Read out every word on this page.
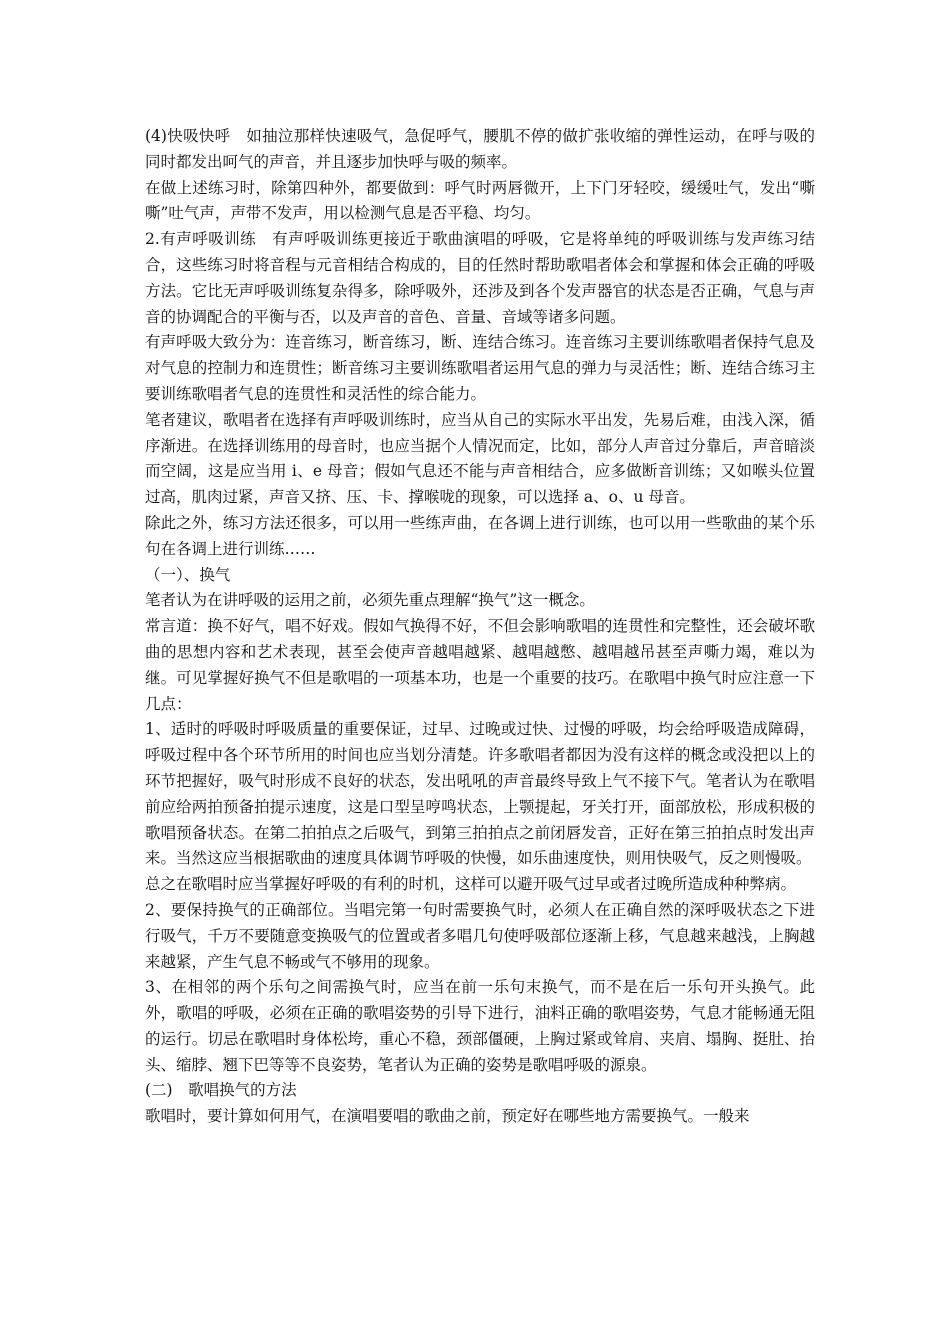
(4)快吸快呼　如抽泣那样快速吸气，急促呼气，腰肌不停的做扩张收缩的弹性运动，在呼与吸的同时都发出呵气的声音，并且逐步加快呼与吸的频率。

在做上述练习时，除第四种外，都要做到：呼气时两唇微开，上下门牙轻咬，缓缓吐气，发出“嘶嘶”吐气声，声带不发声，用以检测气息是否平稳、均匀。

2.有声呼吸训练　有声呼吸训练更接近于歌曲演唱的呼吸，它是将单纯的呼吸训练与发声练习结合，这些练习时将音程与元音相结合构成的，目的任然时帮助歌唱者体会和掌握和体会正确的呼吸方法。它比无声呼吸训练复杂得多，除呼吸外，还涉及到各个发声器官的状态是否正确，气息与声音的协调配合的平衡与否，以及声音的音色、音量、音域等诸多问题。

有声呼吸大致分为：连音练习，断音练习，断、连结合练习。连音练习主要训练歌唱者保持气息及对气息的控制力和连贯性；断音练习主要训练歌唱者运用气息的弹力与灵活性；断、连结合练习主要训练歌唱者气息的连贯性和灵活性的综合能力。

笔者建议，歌唱者在选择有声呼吸训练时，应当从自己的实际水平出发，先易后难，由浅入深，循序渐进。在选择训练用的母音时，也应当据个人情况而定，比如，部分人声音过分靠后，声音暗淡而空阔，这是应当用 i、e 母音；假如气息还不能与声音相结合，应多做断音训练；又如喉头位置过高，肌肉过紧，声音又挤、压、卡、撑喉咙的现象，可以选择 a、o、u 母音。

除此之外，练习方法还很多，可以用一些练声曲，在各调上进行训练，也可以用一些歌曲的某个乐句在各调上进行训练……

（一）、换气

笔者认为在讲呼吸的运用之前，必须先重点理解“换气”这一概念。

常言道：换不好气，唱不好戏。假如气换得不好，不但会影响歌唱的连贯性和完整性，还会破坏歌曲的思想内容和艺术表现，甚至会使声音越唱越紧、越唱越憋、越唱越吊甚至声嘶力竭，难以为继。可见掌握好换气不但是歌唱的一项基本功，也是一个重要的技巧。在歌唱中换气时应注意一下几点：

1、适时的呼吸时呼吸质量的重要保证，过早、过晚或过快、过慢的呼吸，均会给呼吸造成障碍，呼吸过程中各个环节所用的时间也应当划分清楚。许多歌唱者都因为没有这样的概念或没把以上的环节把握好，吸气时形成不良好的状态，发出吼吼的声音最终导致上气不接下气。笔者认为在歌唱前应给两拍预备拍提示速度，这是口型呈哼鸣状态，上颚提起，牙关打开，面部放松，形成积极的歌唱预备状态。在第二拍拍点之后吸气，到第三拍拍点之前闭唇发音，正好在第三拍拍点时发出声来。当然这应当根据歌曲的速度具体调节呼吸的快慢，如乐曲速度快，则用快吸气，反之则慢吸。

总之在歌唱时应当掌握好呼吸的有利的时机，这样可以避开吸气过早或者过晚所造成种种弊病。

2、要保持换气的正确部位。当唱完第一句时需要换气时，必须人在正确自然的深呼吸状态之下进行吸气，千万不要随意变换吸气的位置或者多唱几句使呼吸部位逐渐上移，气息越来越浅，上胸越来越紧，产生气息不畅或气不够用的现象。

3、在相邻的两个乐句之间需换气时，应当在前一乐句末换气，而不是在后一乐句开头换气。此外，歌唱的呼吸，必须在正确的歌唱姿势的引导下进行，油料正确的歌唱姿势，气息才能畅通无阻的运行。切忌在歌唱时身体松垮，重心不稳，颈部僵硬，上胸过紧或耸肩、夹肩、塌胸、挺肚、抬头、缩脖、翘下巴等等不良姿势，笔者认为正确的姿势是歌唱呼吸的源泉。

(二)　歌唱换气的方法

歌唱时，要计算如何用气，在演唱要唱的歌曲之前，预定好在哪些地方需要换气。一般来
